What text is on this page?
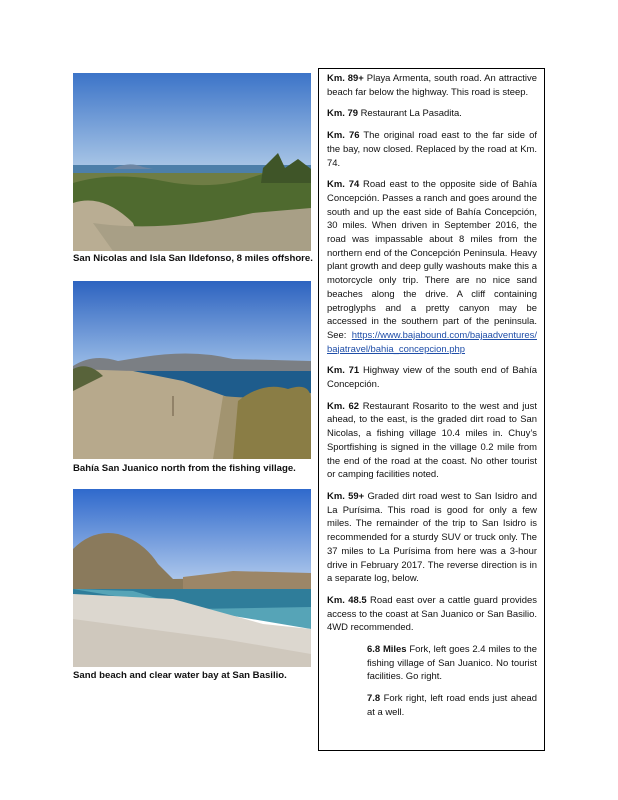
San Nicolas and Isla San Ildefonso, 8 miles offshore.
Bahía San Juanico north from the fishing village.
Sand beach and clear water bay at San Basilio.

Km. 89+ Playa Armenta, south road. An attractive beach far below the highway. This road is steep.

Km. 79 Restaurant La Pasadita.

Km. 76 The original road east to the far side of the bay, now closed. Replaced by the road at Km. 74.

Km. 74 Road east to the opposite side of Bahía Concepción. Passes a ranch and goes around the south and up the east side of Bahía Concepción, 30 miles. When driven in September 2016, the road was impassable about 8 miles from the northern end of the Concepción Peninsula. Heavy plant growth and deep gully washouts make this a motorcycle only trip. There are no nice sand beaches along the drive. A cliff containing petroglyphs and a pretty canyon may be accessed in the southern part of the peninsula. See: https://www.bajabound.com/bajaadventures/bajatravel/bahia_concepcion.php

Km. 71 Highway view of the south end of Bahía Concepción.

Km. 62 Restaurant Rosarito to the west and just ahead, to the east, is the graded dirt road to San Nicolas, a fishing village 10.4 miles in. Chuy’s Sportfishing is signed in the village 0.2 mile from the end of the road at the coast. No other tourist or camping facilities noted.

Km. 59+ Graded dirt road west to San Isidro and La Purísima. This road is good for only a few miles. The remainder of the trip to San Isidro is recommended for a sturdy SUV or truck only. The 37 miles to La Purísima from here was a 3-hour drive in February 2017. The reverse direction is in a separate log, below.

Km. 48.5 Road east over a cattle guard provides access to the coast at San Juanico or San Basilio. 4WD recommended.

6.8 Miles Fork, left goes 2.4 miles to the fishing village of San Juanico. No tourist facilities. Go right.

7.8 Fork right, left road ends just ahead at a well.
